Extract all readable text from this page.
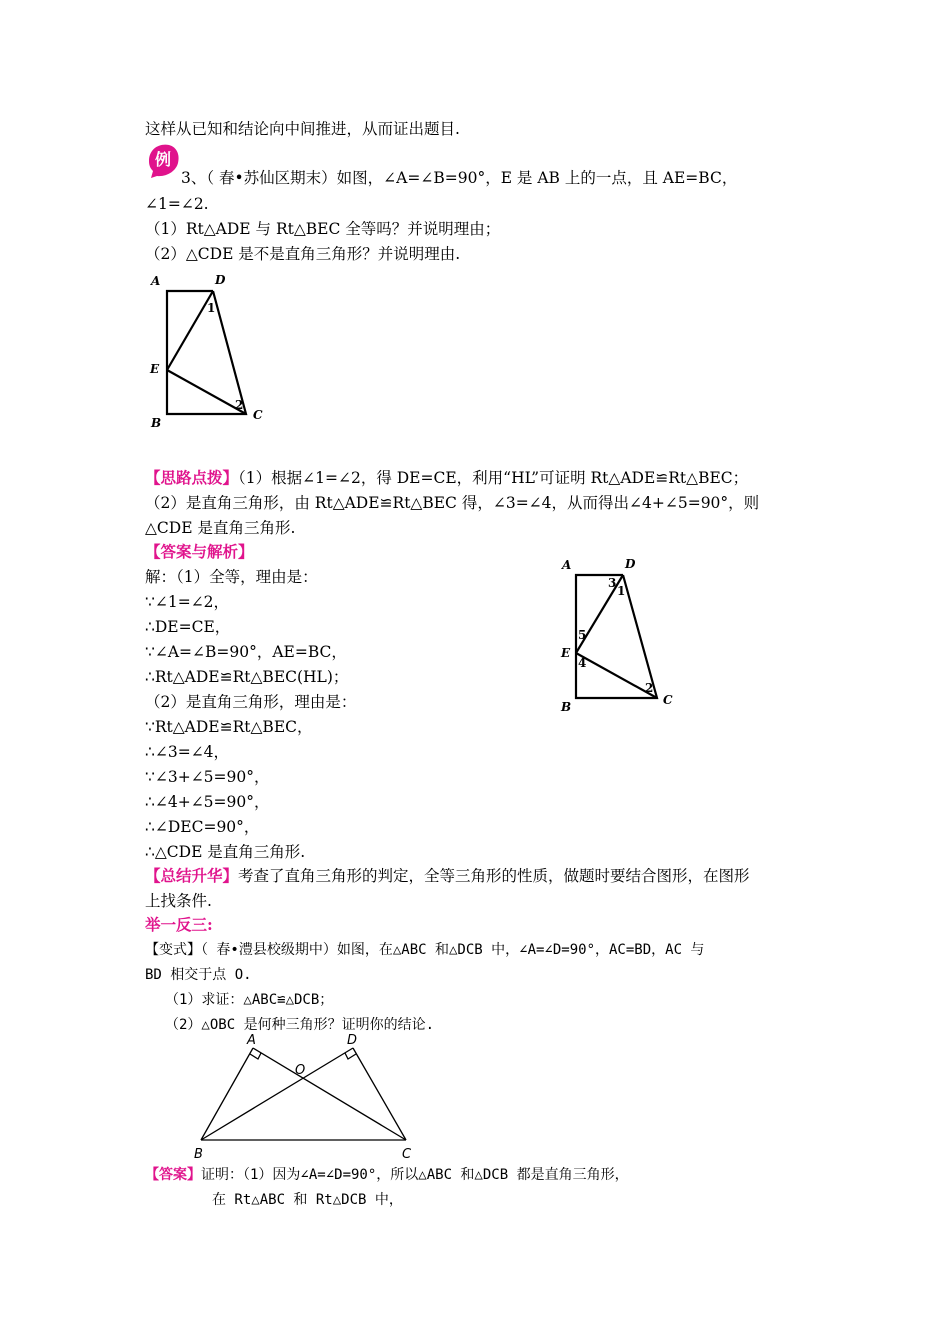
这样从已知和结论向中间推进，从而证出题目.
例
3、（ 春•苏仙区期末）如图，∠A=∠B=90°，E 是 AB 上的一点，且 AE=BC，
∠1=∠2.
（1）Rt△ADE 与 Rt△BEC 全等吗？并说明理由；
（2）△CDE 是不是直角三角形？并说明理由.
A	D
1
E
2
C
B
【思路点拨】（1）根据∠1=∠2，得 DE=CE，利用“HL”可证明 Rt△ADE≌Rt△BEC；
（2）是直角三角形，由 Rt△ADE≌Rt△BEC 得，∠3=∠4，从而得出∠4+∠5=90°，则
△CDE 是直角三角形.
【答案与解析】
解：（1）全等，理由是：
∵∠1=∠2，
∴DE=CE，
∵∠A=∠B=90°，AE=BC，
∴Rt△ADE≌Rt△BEC(HL)；
（2）是直角三角形，理由是：
∵Rt△ADE≌Rt△BEC，
∴∠3=∠4，
∵∠3+∠5=90°，
∴∠4+∠5=90°，
∴∠DEC=90°，
∴△CDE 是直角三角形.
A	D
3
1
5
E
4
2
C
B
【总结升华】考查了直角三角形的判定，全等三角形的性质，做题时要结合图形，在图形
上找条件.
举一反三:
【变式】（ 春•澧县校级期中）如图，在△ABC 和△DCB 中，∠A=∠D=90°，AC=BD，AC 与
BD 相交于点 O.
（1）求证：△ABC≌△DCB；
（2）△OBC 是何种三角形？证明你的结论.
A	D
O
B	C
【答案】证明：（1）因为∠A=∠D=90°，所以△ABC 和△DCB 都是直角三角形，
在 Rt△ABC 和 Rt△DCB 中，
